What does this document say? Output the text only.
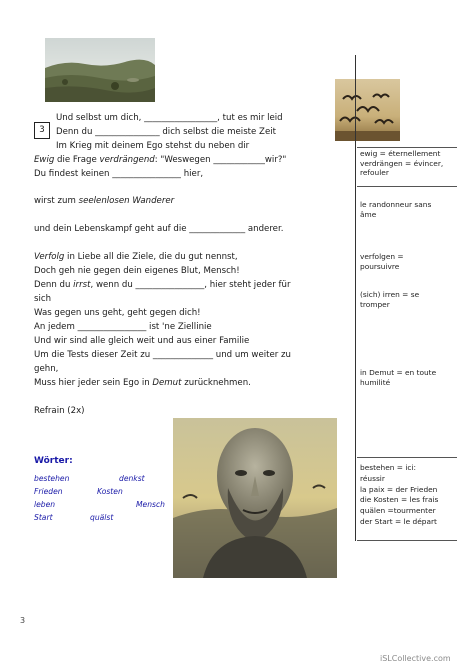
3
Und selbst um dich, _________________, tut es mir leid
Denn du _______________ dich selbst die meiste Zeit
Im Krieg mit deinem Ego stehst du neben dir
Ewig die Frage verdrängend: "Weswegen ____________wir?"
Du findest keinen ________________ hier,
wirst zum seelenlosen Wanderer
und dein Lebenskampf geht auf die _____________ anderer.
Verfolg in Liebe all die Ziele, die du gut nennst,
Doch geh nie gegen dein eigenes Blut, Mensch!
Denn du irrst, wenn du ________________, hier steht jeder für
sich
Was gegen uns geht, geht gegen dich!
An jedem ________________ ist 'ne Ziellinie
Und wir sind alle gleich weit und aus einer Familie
Um die Tests dieser Zeit zu ______________ und um weiter zu
gehn,
Muss hier jeder sein Ego in Demut zurücknehmen.
Refrain (2x)
Wörter:
bestehen	denkst
Frieden	Kosten
leben	Mensch
Start	quälst
ewig = éternellement
verdrängen = évincer,
refouler
le randonneur sans
âme
verfolgen =
poursuivre
(sich) irren = se
tromper
in Demut = en toute
humilité
bestehen = ici:
réussir
la paix = der Frieden
die Kosten = les frais
quälen =tourmenter
der Start = le départ
3
iSLCollective.com
